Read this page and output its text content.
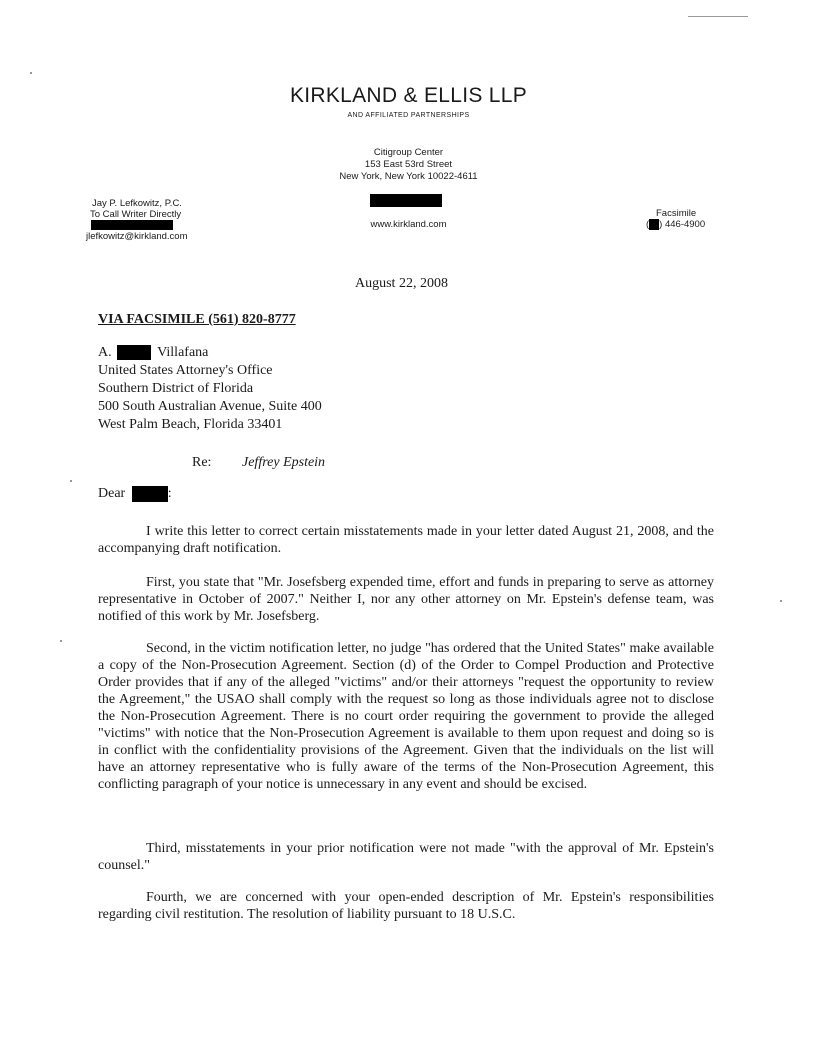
KIRKLAND & ELLIS LLP
AND AFFILIATED PARTNERSHIPS
Citigroup Center
153 East 53rd Street
New York, New York 10022-4611
www.kirkland.com
Jay P. Lefkowitz, P.C.
To Call Writer Directly
jlefkowitz@kirkland.com
Facsimile
( ) 446-4900
August 22, 2008
VIA FACSIMILE (561) 820-8777
A.	Villafana
United States Attorney's Office
Southern District of Florida
500 South Australian Avenue, Suite 400
West Palm Beach, Florida 33401
Re: Jeffrey Epstein
Dear	:

I write this letter to correct certain misstatements made in your letter dated August 21, 2008, and the accompanying draft notification.

First, you state that "Mr. Josefsberg expended time, effort and funds in preparing to serve as attorney representative in October of 2007." Neither I, nor any other attorney on Mr. Epstein's defense team, was notified of this work by Mr. Josefsberg.

Second, in the victim notification letter, no judge "has ordered that the United States" make available a copy of the Non-Prosecution Agreement. Section (d) of the Order to Compel Production and Protective Order provides that if any of the alleged "victims" and/or their attorneys "request the opportunity to review the Agreement," the USAO shall comply with the request so long as those individuals agree not to disclose the Non-Prosecution Agreement. There is no court order requiring the government to provide the alleged "victims" with notice that the Non-Prosecution Agreement is available to them upon request and doing so is in conflict with the confidentiality provisions of the Agreement. Given that the individuals on the list will have an attorney representative who is fully aware of the terms of the Non-Prosecution Agreement, this conflicting paragraph of your notice is unnecessary in any event and should be excised.

Third, misstatements in your prior notification were not made "with the approval of Mr. Epstein's counsel."

Fourth, we are concerned with your open-ended description of Mr. Epstein's responsibilities regarding civil restitution. The resolution of liability pursuant to 18 U.S.C.
